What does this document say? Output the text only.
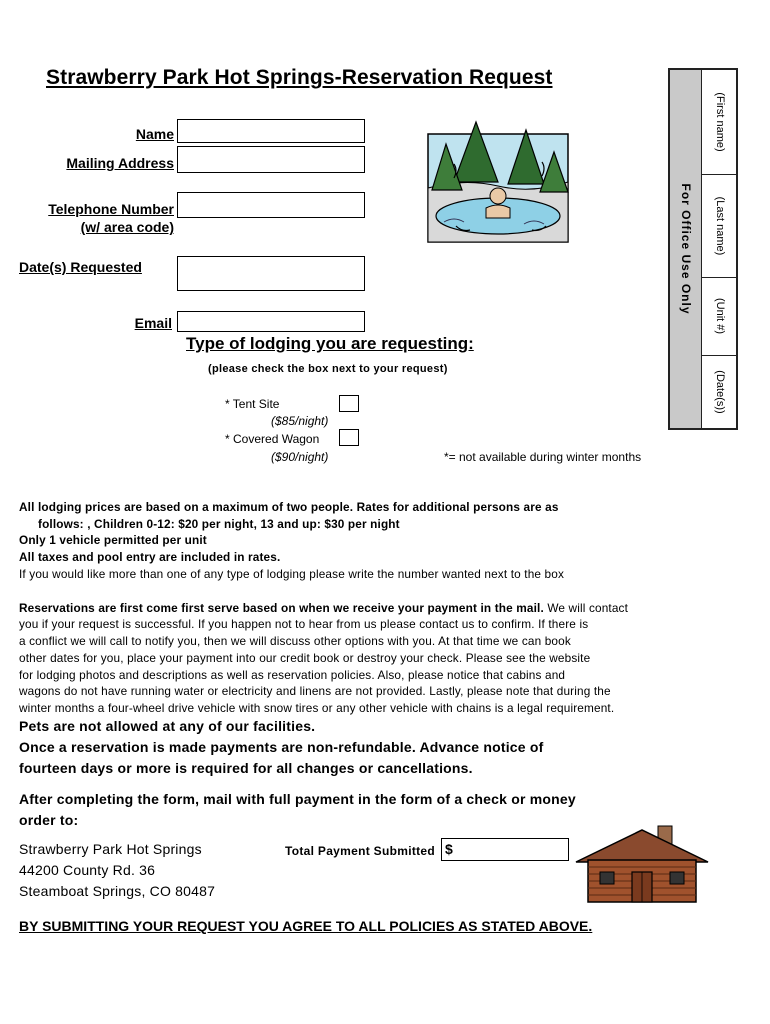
Strawberry Park Hot Springs-Reservation Request
Name
Mailing Address
Telephone Number
(w/ area code)
Date(s) Requested
Email
For Office Use Only
(First name)
(Last name)
(Unit #)
(Date(s))
Type of lodging you are requesting:
(please check the box next to your request)
* Tent Site
($85/night)
* Covered Wagon
($90/night)	*= not available during winter months
All lodging prices are based on a maximum of two people. Rates for additional persons are as
follows: , Children 0-12: $20 per night, 13 and up: $30 per night
Only 1 vehicle permitted per unit
All taxes and pool entry are included in rates.
If you would like more than one of any type of lodging please write the number wanted next to the box
Reservations are first come first serve based on when we receive your payment in the mail. We will contact
you if your request is successful. If you happen not to hear from us please contact us to confirm. If there is
a conflict we will call to notify you, then we will discuss other options with you. At that time we can book
other dates for you, place your payment into our credit book or destroy your check. Please see the website
for lodging photos and descriptions as well as reservation policies. Also, please notice that cabins and
wagons do not have running water or electricity and linens are not provided. Lastly, please note that during the
winter months a four-wheel drive vehicle with snow tires or any other vehicle with chains is a legal requirement.
Pets are not allowed at any of our facilities.
Once a reservation is made payments are non-refundable. Advance notice of
fourteen days or more is required for all changes or cancellations.
After completing the form, mail with full payment in the form of a check or money
order to:
Strawberry Park Hot Springs
44200 County Rd. 36
Steamboat Springs, CO 80487
Total Payment Submitted $
BY SUBMITTING YOUR REQUEST YOU AGREE TO ALL POLICIES AS STATED ABOVE.
